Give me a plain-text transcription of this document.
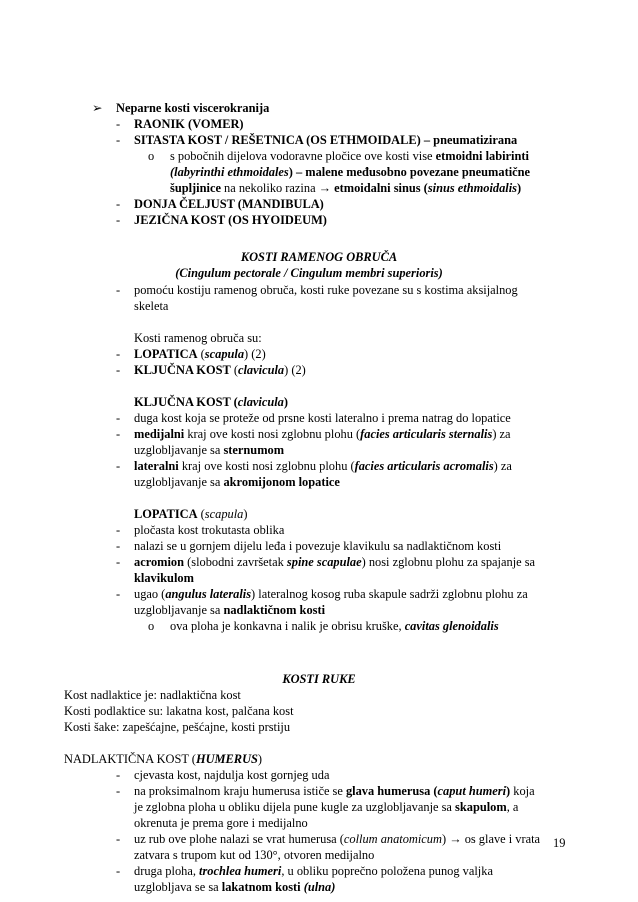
➢ Neparne kosti viscerokranija
- RAONIK (VOMER)
- SITASTA KOST / REŠETNICA (OS ETHMOIDALE) – pneumatizirana
o s pobočnih dijelova vodoravne pločice ove kosti vise etmoidni labirinti
(labyrinthi ethmoidales) – malene međusobno povezane pneumatične
šupljinice na nekoliko razina → etmoidalni sinus (sinus ethmoidalis)
- DONJA ČELJUST (MANDIBULA)
- JEZIČNA KOST (OS HYOIDEUM)
KOSTI RAMENOG OBRUČA
(Cingulum pectorale / Cingulum membri superioris)
- pomoću kostiju ramenog obruča, kosti ruke povezane su s kostima aksijalnog
skeleta
Kosti ramenog obruča su:
- LOPATICA (scapula) (2)
- KLJUČNA KOST (clavicula) (2)
KLJUČNA KOST (clavicula)
- duga kost koja se proteže od prsne kosti lateralno i prema natrag do lopatice
- medijalni kraj ove kosti nosi zglobnu plohu (facies articularis sternalis) za
uzglobljavanje sa sternumom
- lateralni kraj ove kosti nosi zglobnu plohu (facies articularis acromalis) za
uzglobljavanje sa akromijonom lopatice
LOPATICA (scapula)
- pločasta kost trokutasta oblika
- nalazi se u gornjem dijelu leđa i povezuje klavikulu sa nadlaktičnom kosti
- acromion (slobodni završetak spine scapulae) nosi zglobnu plohu za spajanje sa
klavikulom
- ugao (angulus lateralis) lateralnog kosog ruba skapule sadrži zglobnu plohu za
uzglobljavanje sa nadlaktičnom kosti
o ova ploha je konkavna i nalik je obrisu kruške, cavitas glenoidalis
KOSTI RUKE
Kost nadlaktice je: nadlaktična kost
Kosti podlaktice su: lakatna kost, palčana kost
Kosti šake: zapešćajne, pešćajne, kosti prstiju
NADLAKTIČNA KOST (HUMERUS)
- cjevasta kost, najdulja kost gornjeg uda
- na proksimalnom kraju humerusa ističe se glava humerusa (caput humeri) koja
je zglobna ploha u obliku dijela pune kugle za uzglobljavanje sa skapulom, a
okrenuta je prema gore i medijalno
- uz rub ove plohe nalazi se vrat humerusa (collum anatomicum) → os glave i vrata
zatvara s trupom kut od 130°, otvoren medijalno
- druga ploha, trochlea humeri, u obliku poprečno položena punog valjka
uzglobljava se sa lakatnom kosti (ulna)
19
